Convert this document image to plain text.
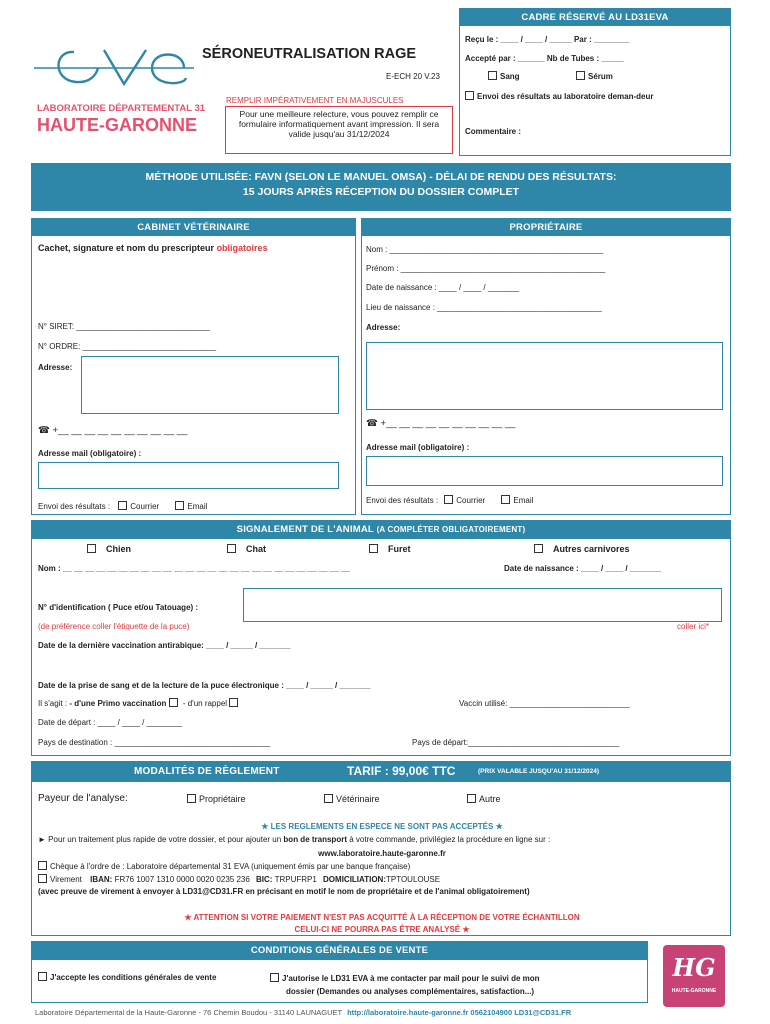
LABORATOIRE DÉPARTEMENTAL 31
HAUTE-GARONNE
SÉRONEUTRALISATION RAGE
E-ECH 20 V.23
REMPLIR IMPÉRATIVEMENT EN MAJUSCULES
Pour une meilleure relecture, vous pouvez remplir ce formulaire informatiquement avant impression. Il sera valide jusqu'au 31/12/2024
CADRE RÉSERVÉ AU LD31EVA
Reçu le : ____ / ____ / _____ Par : ________
Accepté par : ______ Nb de Tubes : _____
Sang	Sérum
Envoi des résultats au laboratoire deman-deur
Commentaire :
MÉTHODE UTILISÉE: FAVN (SELON LE MANUEL OMSA) - DÉLAI DE RENDU DES RÉSULTATS:
15 JOURS APRÈS RÉCEPTION DU DOSSIER COMPLET
CABINET VÉTÉRINAIRE
Cachet, signature et nom du prescripteur obligatoires
N° SIRET: ______________________________
N° ORDRE: ______________________________
Adresse:
☎ +__ __ __ __ __ __ __ __ __ __
Adresse mail (obligatoire) :
Envoi des résultats :	Courrier	Email
PROPRIÉTAIRE
Nom : ________________________________________________
Prénom : ______________________________________________
Date de naissance : ____ / ____ / _______
Lieu de naissance : _____________________________________
Adresse:
☎ +__ __ __ __ __ __ __ __ __ __
Adresse mail (obligatoire) :
Envoi des résultats : Courrier	Email
SIGNALEMENT DE L'ANIMAL (A COMPLÉTER OBLIGATOIREMENT)
Chien	Chat	Furet	Autres carnivores
Nom : __ __ __ __ __ __ __ __ __ __ __ __ __ __ __ __ __ __ __ __ __ __ __ __ __ __	Date de naissance : ____ / ____ / _______
N° d'identification ( Puce et/ou Tatouage) :
(de préférence coller l'étiquette de la puce)	coller ici*
Date de la dernière vaccination antirabique: ____ / _____ / _______
Date de la prise de sang et de la lecture de la puce électronique : ____ / _____ / _______
Il s'agit : - d'une Primo vaccination - d'un rappel	Vaccin utilisé: ___________________________
Date de départ : ____ / ____ / ________
Pays de destination : ___________________________________	Pays de départ:__________________________________
MODALITÉS DE RÈGLEMENT	TARIF : 99,00€ TTC	(PRIX VALABLE JUSQU'AU 31/12/2024)
Payeur de l'analyse:	Propriétaire	Vétérinaire	Autre
★ LES REGLEMENTS EN ESPECE NE SONT PAS ACCEPTÉS ★
► Pour un traitement plus rapide de votre dossier, et pour ajouter un bon de transport à votre commande, privilégiez la procédure en ligne sur :
www.laboratoire.haute-garonne.fr
Chèque à l'ordre de : Laboratoire départemental 31 EVA (uniquement émis par une banque française)
Virement IBAN: FR76 1007 1310 0000 0020 0235 236 BIC: TRPUFRP1 DOMICILIATION:TPTOULOUSE
(avec preuve de virement à envoyer à LD31@CD31.FR en précisant en motif le nom de propriétaire et de l'animal obligatoirement)
★ ATTENTION SI VOTRE PAIEMENT N'EST PAS ACQUITTÉ À LA RÉCEPTION DE VOTRE ÉCHANTILLON
CELUI-CI NE POURRA PAS ÊTRE ANALYSÉ ★
CONDITIONS GÉNÉRALES DE VENTE
J'accepte les conditions générales de vente	J'autorise le LD31 EVA à me contacter par mail pour le suivi de mon
dossier (Demandes ou analyses complémentaires, satisfaction...)
HG
HAUTE-GARONNE
Laboratoire Départemental de la Haute-Garonne - 76 Chemin Boudou - 31140 LAUNAGUET http://laboratoire.haute-garonne.fr 0562104900 LD31@CD31.FR
